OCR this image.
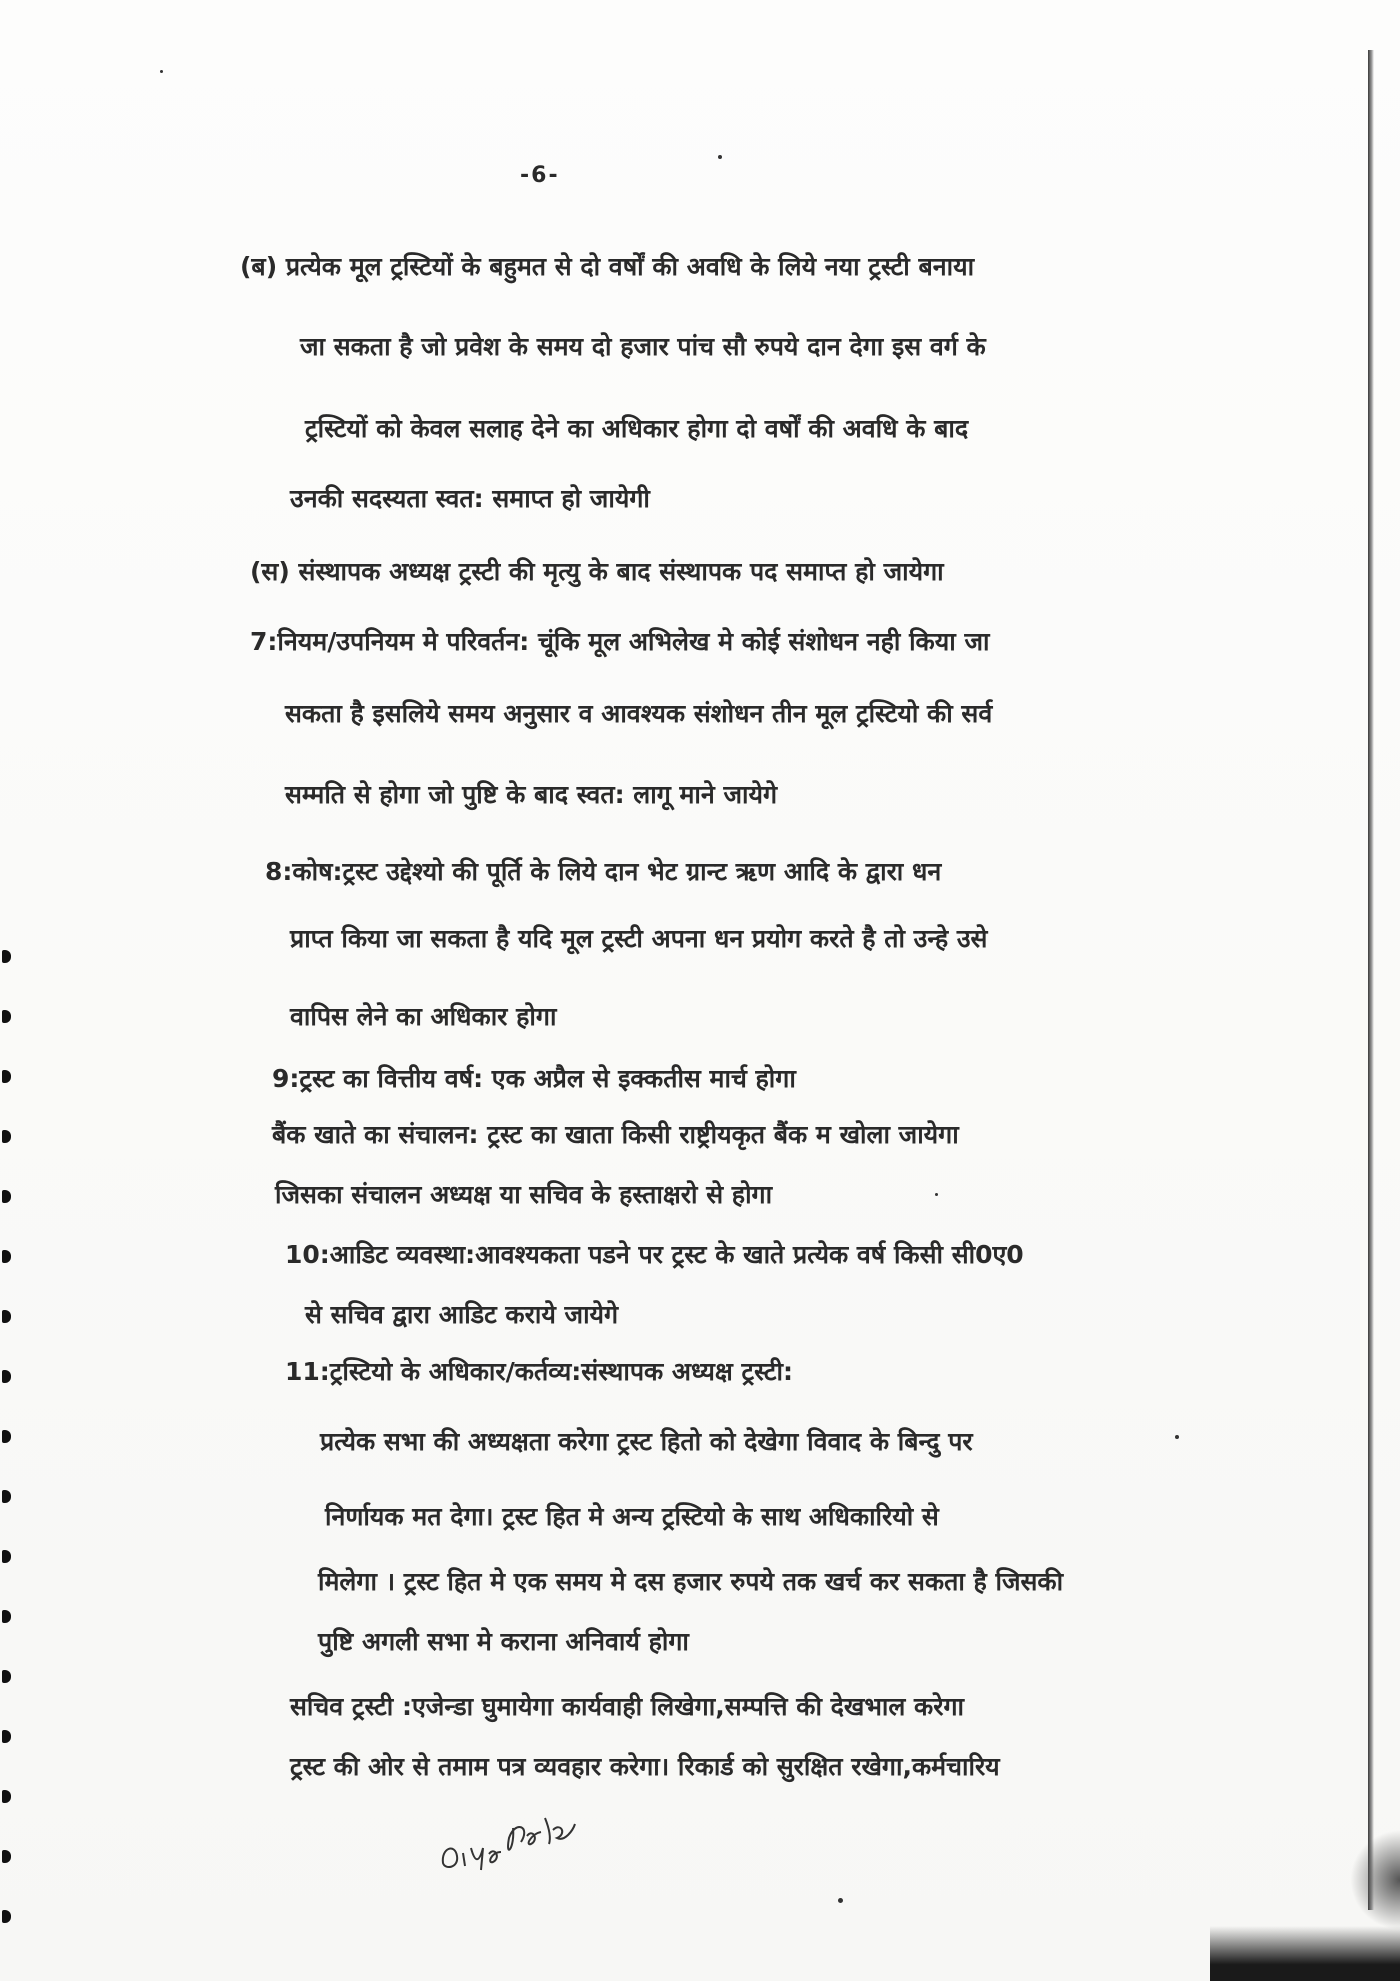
-6-
(ब) प्रत्येक मूल ट्रस्टियों के बहुमत से दो वर्षों की अवधि के लिये नया ट्रस्टी बनाया
जा सकता है जो प्रवेश के समय दो हजार पांच सौ रुपये दान देगा इस वर्ग के
ट्रस्टियों को केवल सलाह देने का अधिकार होगा दो वर्षों की अवधि के बाद
उनकी सदस्यता स्वत: समाप्त हो जायेगी
(स) संस्थापक अध्यक्ष ट्रस्टी की मृत्यु के बाद संस्थापक पद समाप्त हो जायेगा
7:नियम/उपनियम मे परिवर्तन: चूंकि मूल अभिलेख मे कोई संशोधन नही किया जा
सकता है इसलिये समय अनुसार व आवश्यक संशोधन तीन मूल ट्रस्टियो की सर्व
सम्मति से होगा जो पुष्टि के बाद स्वत: लागू माने जायेगे
8:कोष:ट्रस्ट उद्देश्यो की पूर्ति के लिये दान भेट ग्रान्ट ऋण आदि के द्वारा धन
प्राप्त किया जा सकता है यदि मूल ट्रस्टी अपना धन प्रयोग करते है तो उन्हे उसे
वापिस लेने का अधिकार होगा
9:ट्रस्ट का वित्तीय वर्ष: एक अप्रैल से इक्कतीस मार्च होगा
बैंक खाते का संचालन: ट्रस्ट का खाता किसी राष्ट्रीयकृत बैंक म खोला जायेगा
जिसका संचालन अध्यक्ष या सचिव के हस्ताक्षरो से होगा
10:आडिट व्यवस्था:आवश्यकता पडने पर ट्रस्ट के खाते प्रत्येक वर्ष किसी सी0ए0
से सचिव द्वारा आडिट कराये जायेगे
11:ट्रस्टियो के अधिकार/कर्तव्य:संस्थापक अध्यक्ष ट्रस्टी:
प्रत्येक सभा की अध्यक्षता करेगा ट्रस्ट हितो को देखेगा विवाद के बिन्दु पर
निर्णायक मत देगा। ट्रस्ट हित मे अन्य ट्रस्टियो के साथ अधिकारियो से
मिलेगा । ट्रस्ट हित मे एक समय मे दस हजार रुपये तक खर्च कर सकता है जिसकी
पुष्टि अगली सभा मे कराना अनिवार्य होगा
सचिव ट्रस्टी :एजेन्डा घुमायेगा कार्यवाही लिखेगा,सम्पत्ति की देखभाल करेगा
ट्रस्ट की ओर से तमाम पत्र व्यवहार करेगा। रिकार्ड को सुरक्षित रखेगा,कर्मचारिय
